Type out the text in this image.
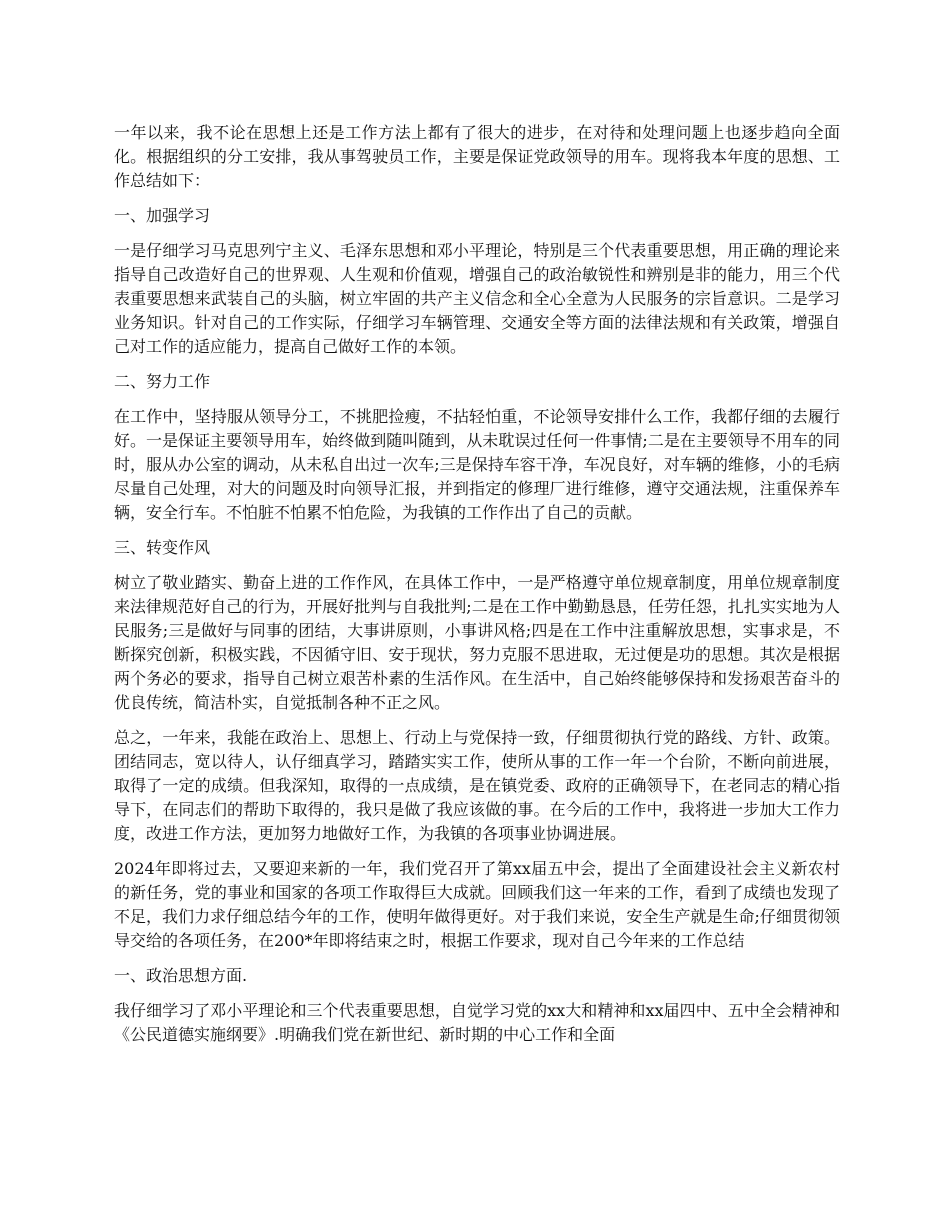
一年以来，我不论在思想上还是工作方法上都有了很大的进步，在对待和处理问题上也逐步趋向全面化。根据组织的分工安排，我从事驾驶员工作，主要是保证党政领导的用车。现将我本年度的思想、工作总结如下：

一、加强学习

一是仔细学习马克思列宁主义、毛泽东思想和邓小平理论，特别是三个代表重要思想，用正确的理论来指导自己改造好自己的世界观、人生观和价值观，增强自己的政治敏锐性和辨别是非的能力，用三个代表重要思想来武装自己的头脑，树立牢固的共产主义信念和全心全意为人民服务的宗旨意识。二是学习业务知识。针对自己的工作实际，仔细学习车辆管理、交通安全等方面的法律法规和有关政策，增强自己对工作的适应能力，提高自己做好工作的本领。

二、努力工作

在工作中，坚持服从领导分工，不挑肥捡瘦，不拈轻怕重，不论领导安排什么工作，我都仔细的去履行好。一是保证主要领导用车，始终做到随叫随到，从未耽误过任何一件事情;二是在主要领导不用车的同时，服从办公室的调动，从未私自出过一次车;三是保持车容干净，车况良好，对车辆的维修，小的毛病尽量自己处理，对大的问题及时向领导汇报，并到指定的修理厂进行维修，遵守交通法规，注重保养车辆，安全行车。不怕脏不怕累不怕危险，为我镇的工作作出了自己的贡献。

三、转变作风

树立了敬业踏实、勤奋上进的工作作风，在具体工作中，一是严格遵守单位规章制度，用单位规章制度来法律规范好自己的行为，开展好批判与自我批判;二是在工作中勤勤恳恳，任劳任怨，扎扎实实地为人民服务;三是做好与同事的团结，大事讲原则，小事讲风格;四是在工作中注重解放思想，实事求是，不断探究创新，积极实践，不因循守旧、安于现状，努力克服不思进取，无过便是功的思想。其次是根据两个务必的要求，指导自己树立艰苦朴素的生活作风。在生活中，自己始终能够保持和发扬艰苦奋斗的优良传统，简洁朴实，自觉抵制各种不正之风。

总之，一年来，我能在政治上、思想上、行动上与党保持一致，仔细贯彻执行党的路线、方针、政策。团结同志，宽以待人，认仔细真学习，踏踏实实工作，使所从事的工作一年一个台阶，不断向前进展，取得了一定的成绩。但我深知，取得的一点成绩，是在镇党委、政府的正确领导下，在老同志的精心指导下，在同志们的帮助下取得的，我只是做了我应该做的事。在今后的工作中，我将进一步加大工作力度，改进工作方法，更加努力地做好工作，为我镇的各项事业协调进展。

2024年即将过去，又要迎来新的一年，我们党召开了第xx届五中会，提出了全面建设社会主义新农村的新任务，党的事业和国家的各项工作取得巨大成就。回顾我们这一年来的工作，看到了成绩也发现了不足，我们力求仔细总结今年的工作，使明年做得更好。对于我们来说，安全生产就是生命;仔细贯彻领导交给的各项任务，在200*年即将结束之时，根据工作要求，现对自己今年来的工作总结

一、政治思想方面.

我仔细学习了邓小平理论和三个代表重要思想，自觉学习党的xx大和精神和xx届四中、五中全会精神和《公民道德实施纲要》.明确我们党在新世纪、新时期的中心工作和全面
